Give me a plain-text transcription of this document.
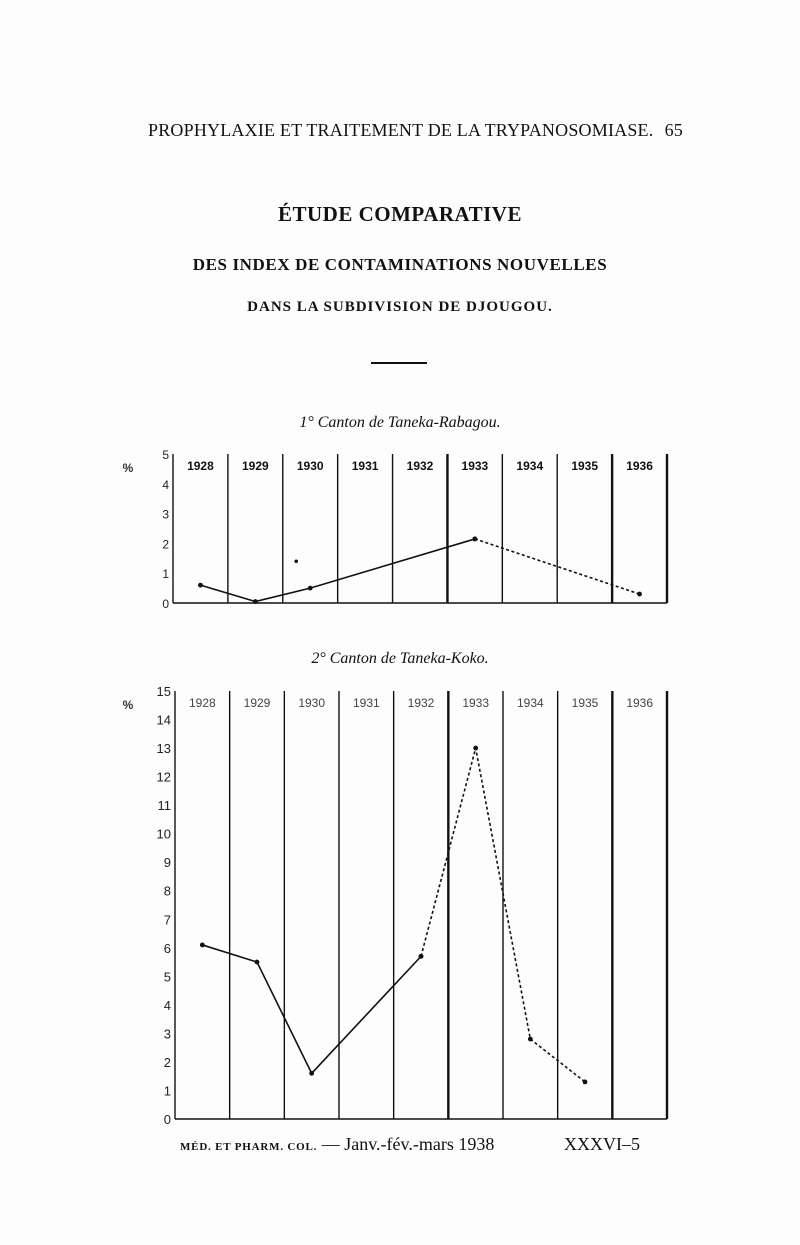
PROPHYLAXIE ET TRAITEMENT DE LA TRYPANOSOMIASE. 65
ÉTUDE COMPARATIVE
DES INDEX DE CONTAMINATIONS NOUVELLES
DANS LA SUBDIVISION DE DJOUGOU.
1° Canton de Taneka-Rabagou.
1928 1929 1930 1931 1932 1933 1934 1935 1936
5
4
3
2
1
0
%
2° Canton de Taneka-Koko.
1928 1929 1930 1931 1932 1933 1934 1935 1936
15
14
13
12
11
10
9
8
7
6
5
4
3
2
1
0
%
MÉD. ET PHARM. COL. — Janv.-fév.-mars 1938	XXXVI–5
